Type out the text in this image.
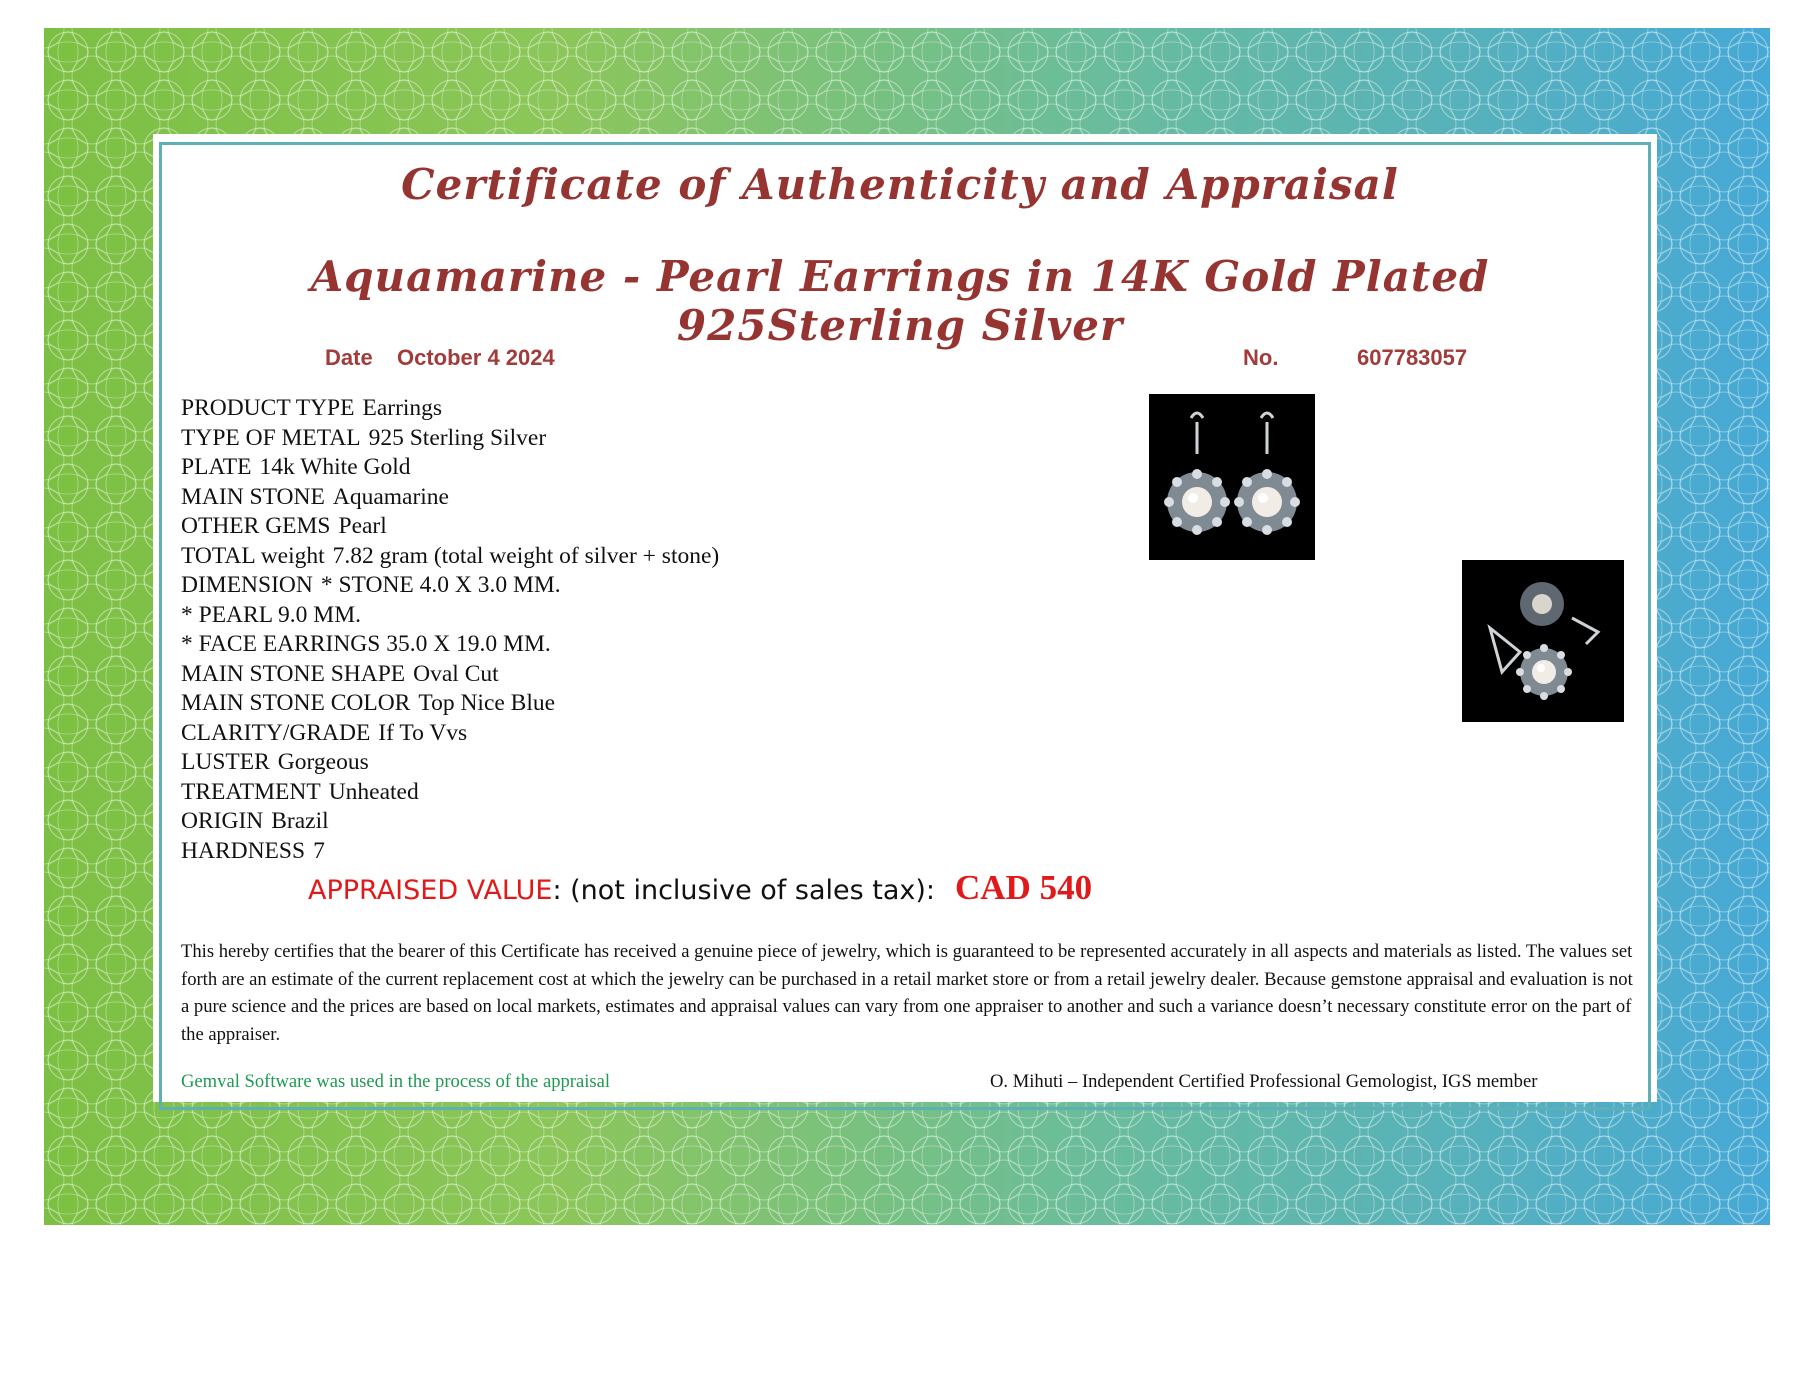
Certificate of Authenticity and Appraisal
Aquamarine - Pearl Earrings in 14K Gold Plated 925Sterling Silver
Date October 4 2024	No.	607783057
PRODUCT TYPE Earrings
TYPE OF METAL 925 Sterling Silver
PLATE 14k White Gold
MAIN STONE Aquamarine
OTHER GEMS Pearl
TOTAL weight 7.82 gram (total weight of silver + stone)
DIMENSION * STONE 4.0 X 3.0 MM.
* PEARL 9.0 MM.
* FACE EARRINGS 35.0 X 19.0 MM.
MAIN STONE SHAPE Oval Cut
MAIN STONE COLOR Top Nice Blue
CLARITY/GRADE If To Vvs
LUSTER Gorgeous
TREATMENT Unheated
ORIGIN Brazil
HARDNESS 7
APPRAISED VALUE: (not inclusive of sales tax): CAD 540

This hereby certifies that the bearer of this Certificate has received a genuine piece of jewelry, which is guaranteed to be represented accurately in all aspects and materials as listed. The values set forth are an estimate of the current replacement cost at which the jewelry can be purchased in a retail market store or from a retail jewelry dealer. Because gemstone appraisal and evaluation is not a pure science and the prices are based on local markets, estimates and appraisal values can vary from one appraiser to another and such a variance doesn’t necessary constitute error on the part of the appraiser.

Gemval Software was used in the process of the appraisal	O. Mihuti – Independent Certified Professional Gemologist, IGS member
